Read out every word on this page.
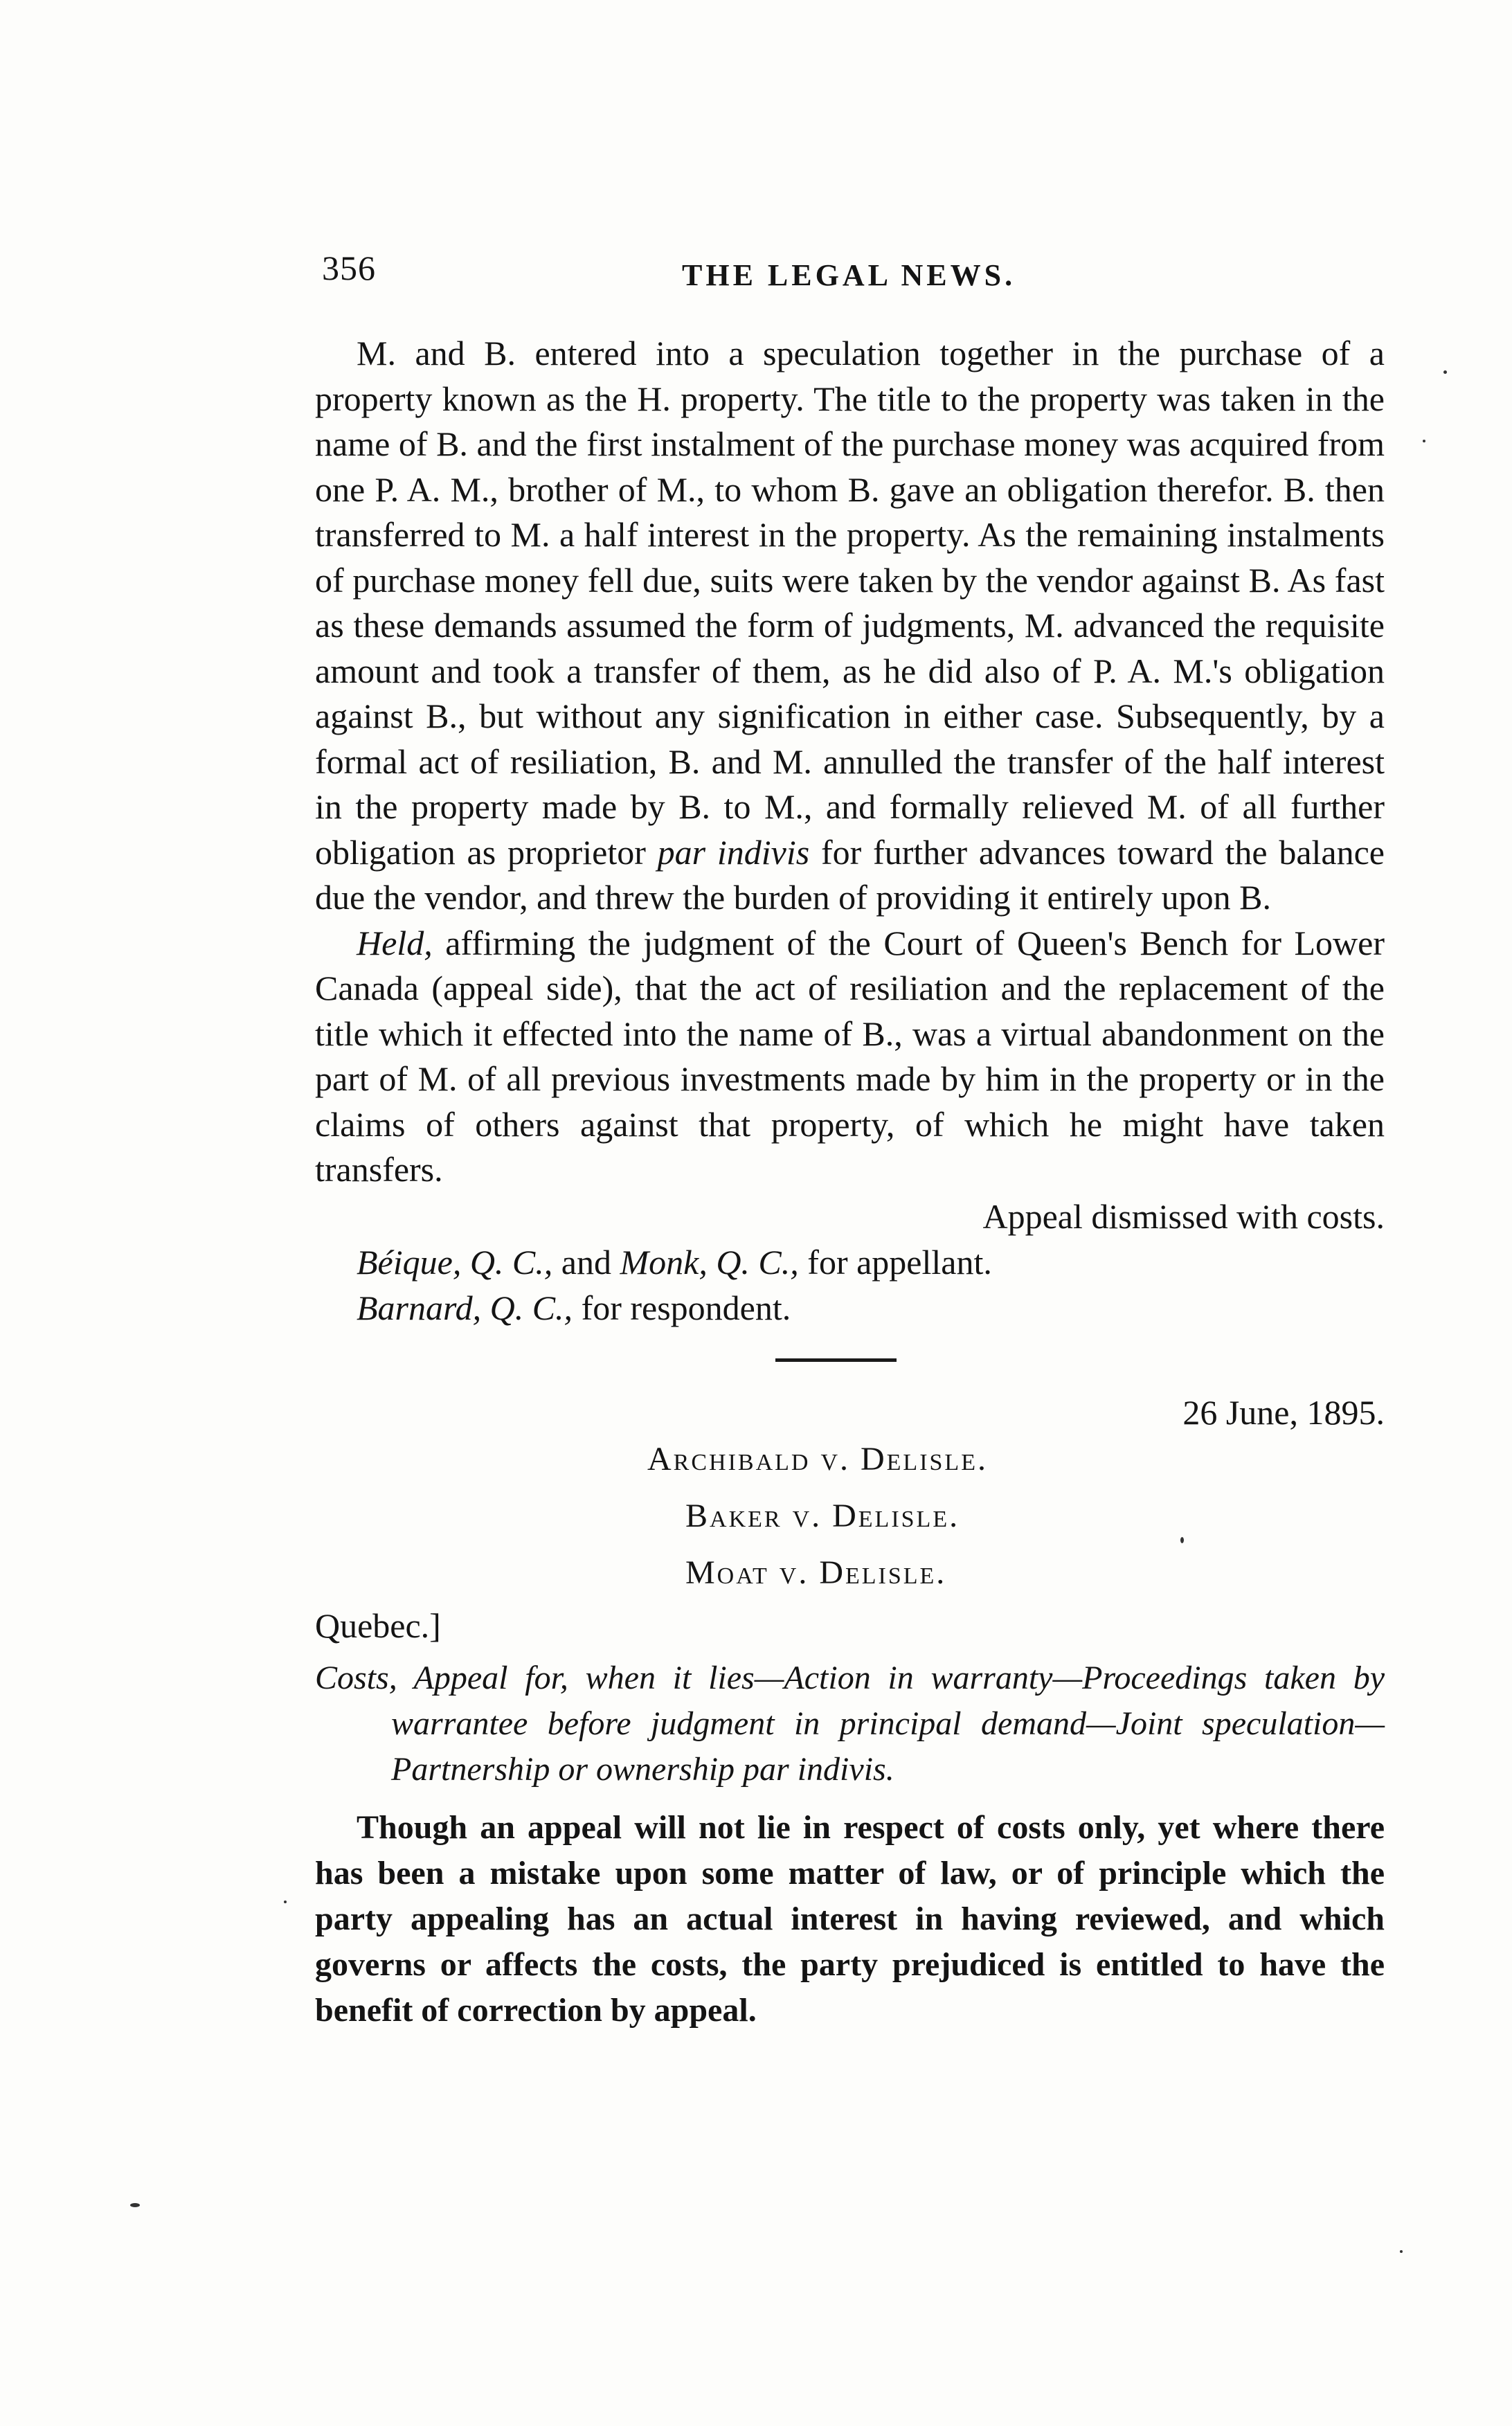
356	THE LEGAL NEWS.

M. and B. entered into a speculation together in the purchase of a property known as the H. property. The title to the property was taken in the name of B. and the first instalment of the purchase money was acquired from one P. A. M., brother of M., to whom B. gave an obligation therefor. B. then transferred to M. a half interest in the property. As the remaining instalments of purchase money fell due, suits were taken by the vendor against B. As fast as these demands assumed the form of judgments, M. advanced the requisite amount and took a transfer of them, as he did also of P. A. M.'s obligation against B., but without any signification in either case. Subsequently, by a formal act of resiliation, B. and M. annulled the transfer of the half interest in the property made by B. to M., and formally relieved M. of all further obligation as proprietor par indivis for further advances toward the balance due the vendor, and threw the burden of providing it entirely upon B.

Held, affirming the judgment of the Court of Queen's Bench for Lower Canada (appeal side), that the act of resiliation and the replacement of the title which it effected into the name of B., was a virtual abandonment on the part of M. of all previous investments made by him in the property or in the claims of others against that property, of which he might have taken transfers.

Appeal dismissed with costs.

Béique, Q. C., and Monk, Q. C., for appellant.

Barnard, Q. C., for respondent.

26 June, 1895.

Archibald v. Delisle.

Baker v. Delisle.

Moat v. Delisle.

Quebec.]

Costs, Appeal for, when it lies—Action in warranty—Proceedings taken by warrantee before judgment in principal demand—Joint speculation—Partnership or ownership par indivis.

Though an appeal will not lie in respect of costs only, yet where there has been a mistake upon some matter of law, or of principle which the party appealing has an actual interest in having reviewed, and which governs or affects the costs, the party prejudiced is entitled to have the benefit of correction by appeal.
